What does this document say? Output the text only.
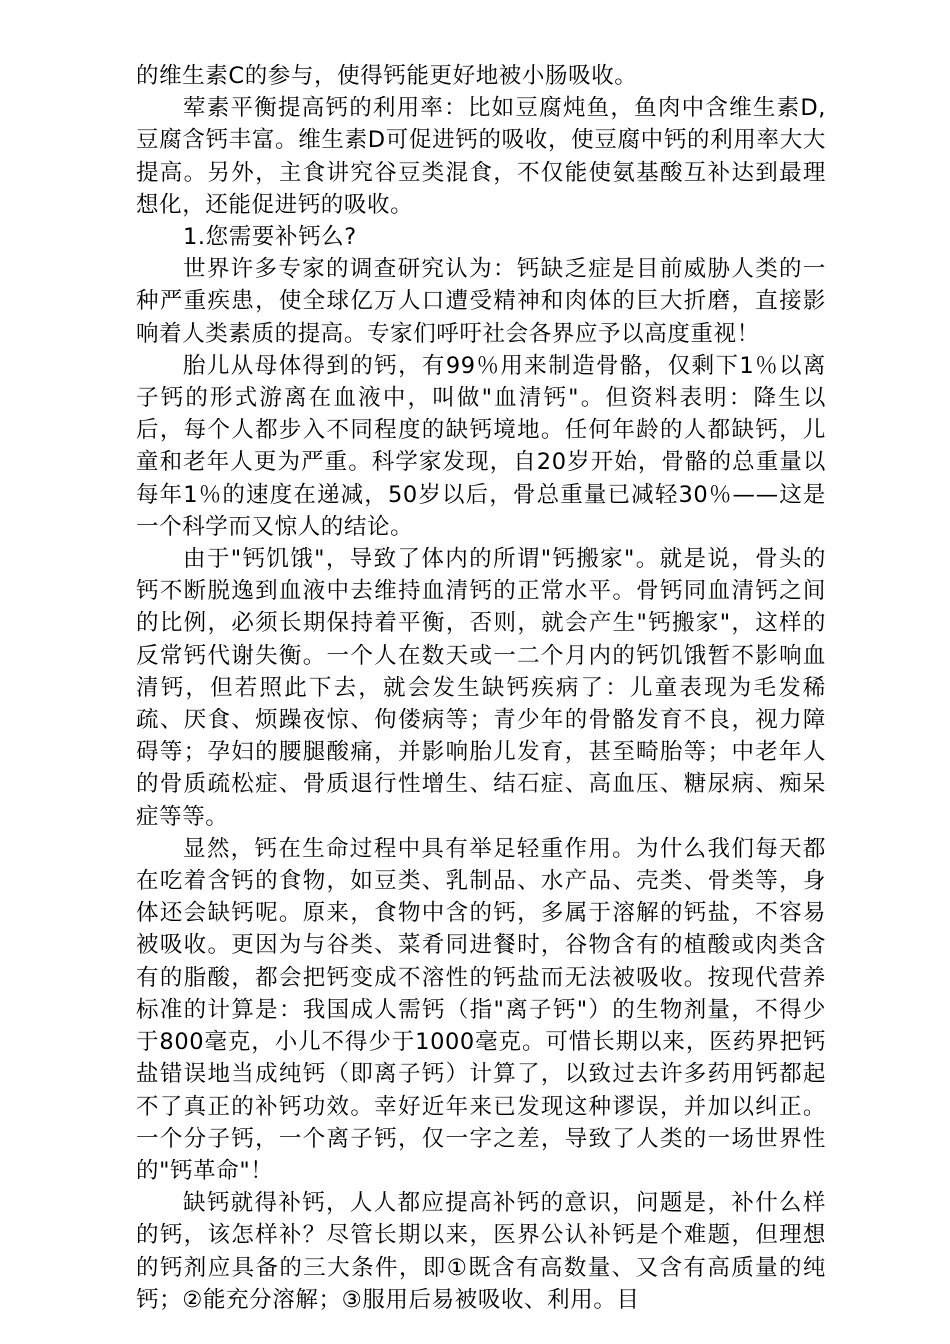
的维生素C的参与，使得钙能更好地被小肠吸收。

荤素平衡提高钙的利用率：比如豆腐炖鱼，鱼肉中含维生素D,豆腐含钙丰富。维生素D可促进钙的吸收，使豆腐中钙的利用率大大提高。另外，主食讲究谷豆类混食，不仅能使氨基酸互补达到最理想化，还能促进钙的吸收。

1.您需要补钙么?

世界许多专家的调查研究认为：钙缺乏症是目前威胁人类的一种严重疾患，使全球亿万人口遭受精神和肉体的巨大折磨，直接影响着人类素质的提高。专家们呼吁社会各界应予以高度重视！

胎儿从母体得到的钙，有99％用来制造骨骼，仅剩下1％以离子钙的形式游离在血液中，叫做"血清钙"。但资料表明：降生以后，每个人都步入不同程度的缺钙境地。任何年龄的人都缺钙，儿童和老年人更为严重。科学家发现，自20岁开始，骨骼的总重量以每年1％的速度在递减，50岁以后，骨总重量已减轻30％——这是一个科学而又惊人的结论。

由于"钙饥饿"，导致了体内的所谓"钙搬家"。就是说，骨头的钙不断脱逸到血液中去维持血清钙的正常水平。骨钙同血清钙之间的比例，必须长期保持着平衡，否则，就会产生"钙搬家"，这样的反常钙代谢失衡。一个人在数天或一二个月内的钙饥饿暂不影响血清钙，但若照此下去，就会发生缺钙疾病了：儿童表现为毛发稀疏、厌食、烦躁夜惊、佝偻病等；青少年的骨骼发育不良，视力障碍等；孕妇的腰腿酸痛，并影响胎儿发育，甚至畸胎等；中老年人的骨质疏松症、骨质退行性增生、结石症、高血压、糖尿病、痴呆症等等。

显然，钙在生命过程中具有举足轻重作用。为什么我们每天都在吃着含钙的食物，如豆类、乳制品、水产品、壳类、骨类等，身体还会缺钙呢。原来，食物中含的钙，多属于溶解的钙盐，不容易被吸收。更因为与谷类、菜肴同进餐时，谷物含有的植酸或肉类含有的脂酸，都会把钙变成不溶性的钙盐而无法被吸收。按现代营养标准的计算是：我国成人需钙（指"离子钙"）的生物剂量，不得少于800毫克，小儿不得少于1000毫克。可惜长期以来，医药界把钙盐错误地当成纯钙（即离子钙）计算了，以致过去许多药用钙都起不了真正的补钙功效。幸好近年来已发现这种谬误，并加以纠正。一个分子钙，一个离子钙，仅一字之差，导致了人类的一场世界性的"钙革命"！

缺钙就得补钙，人人都应提高补钙的意识，问题是，补什么样的钙，该怎样补？尽管长期以来，医界公认补钙是个难题，但理想的钙剂应具备的三大条件，即①既含有高数量、又含有高质量的纯钙；②能充分溶解；③服用后易被吸收、利用。目
